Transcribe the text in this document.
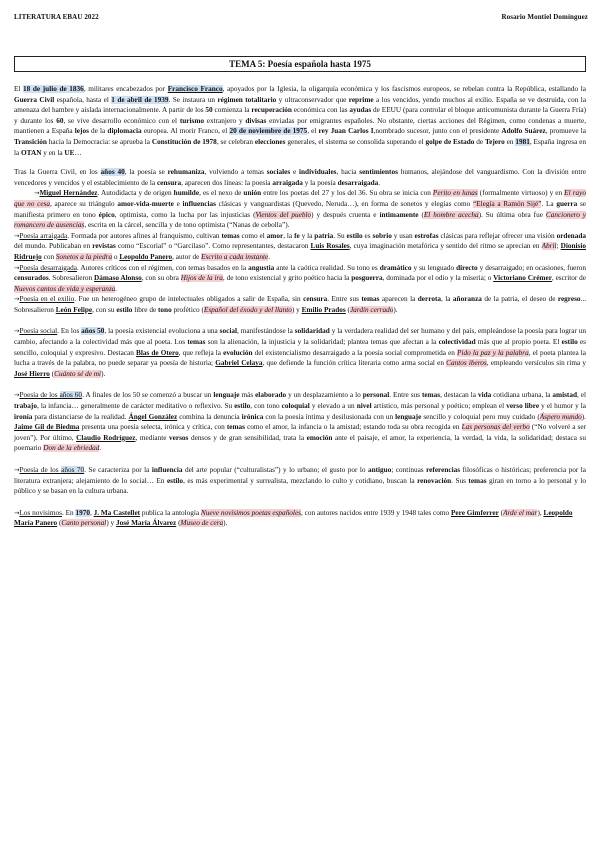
LITERATURA EBAU 2022	Rosario Montiel Domínguez
TEMA 5: Poesía española hasta 1975

El 18 de julio de 1836, militares encabezados por Francisco Franco, apoyados por la Iglesia, la oligarquía económica y los fascismos europeos, se rebelan contra la República, estallando la Guerra Civil española, hasta el 1 de abril de 1939. Se instaura un régimen totalitario y ultraconservador que reprime a los vencidos, yendo muchos al exilio. España se ve destruida, con la amenaza del hambre y aislada internacionalmente. A partir de los 50 comienza la recuperación económica con las ayudas de EEUU (para controlar el bloque anticomunista durante la Guerra Fría) y durante los 60, se vive desarrollo económico con el turismo extranjero y divisas enviadas por emigrantes españoles. No obstante, ciertas acciones del Régimen, como condenas a muerte, mantienen a España lejos de la diplomacia europea. Al morir Franco, el 20 de noviembre de 1975, el rey Juan Carlos I,nombrado sucesor, junto con el presidente Adolfo Suárez, promueve la Transición hacia la Democracia: se aprueba la Constitución de 1978, se celebran elecciones generales, el sistema se consolida superando el golpe de Estado de Tejero en 1981, España ingresa en la OTAN y en la UE…

Tras la Guerra Civil, en los años 40, la poesía se rehumaniza, volviendo a temas sociales e individuales, hacia sentimientos humanos, alejándose del vanguardismo. Con la división entre vencedores y vencidos y el establecimiento de la censura, aparecen dos líneas: la poesía arraigada y la poesía desarraigada.

→Miguel Hernández. Autodidacta y de origen humilde, es el nexo de unión entre los poetas del 27 y los del 36. Su obra se inicia con Perito en lunas (formalmente virtuoso) y en El rayo que no cesa, aparece su triángulo amor-vida-muerte e influencias clásicas y vanguardistas (Quevedo, Neruda…), en forma de sonetos y elegías como “Elegía a Ramón Sijé”. La guerra se manifiesta primero en tono épico, optimista, como la lucha por las injusticias (Vientos del pueblo) y después cruenta e íntimamente (El hombre acecha). Su última obra fue Cancionero y romancero de ausencias, escrita en la cárcel, sencilla y de tono optimista (“Nanas de cebolla”).

→Poesía arraigada. Formada por autores afines al franquismo, cultivan temas como el amor, la fe y la patria. Su estilo es sobrio y usan estrofas clásicas para reflejar ofrecer una visión ordenada del mundo. Publicaban en revistas como “Escorial” o “Garcilaso”. Como representantes, destacaron Luis Rosales, cuya imaginación metafórica y sentido del ritmo se aprecian en Abril; Dionisio Ridruejo con Sonetos a la piedra o Leopoldo Panero, autor de Escrito a cada instante.

→Poesía desarraigada. Autores críticos con el régimen, con temas basados en la angustia ante la caótica realidad. Su tono es dramático y su lenguado directo y desarraigado; en ocasiones, fueron censurados. Sobresalieron Dámaso Alonso, con su obra Hijos de la ira, de tono existencial y grito poético hacia la posguerra, dominada por el odio y la miseria; o Victoriano Crémer, escritor de Nuevos cantos de vida y esperanza.

→Poesía en el exilio. Fue un heterogéneo grupo de intelectuales obligados a salir de España, sin censura. Entre sus temas aparecen la derrota, la añoranza de la patria, el deseo de regreso... Sobresalieron León Felipe, con su estilo libre de tono profético (Español del éxodo y del llanto) y Emilio Prados (Jardín cerrado).

→Poesía social. En los años 50, la poesía existencial evoluciona a una social, manifestándose la solidaridad y la verdadera realidad del ser humano y del país, empleándose la poesía para lograr un cambio, afectando a la colectividad más que al poeta. Los temas son la alienación, la injusticia y la solidaridad; plantea temas que afectan a la colectividad más que al propio poeta. El estilo es sencillo, coloquial y expresivo. Destacan Blas de Otero, que refleja la evolución del existencialismo desarraigado a la poesía social comprometida en Pido la paz y la palabra, el poeta plantea la lucha a través de la palabra, no puede separar ya poesía de historia; Gabriel Celaya, que defiende la función crítica literaria como arma social en Cantos iberos, empleando versículos sin rima y José Hierro (Cuánto sé de mí).

→Poesía de los años 60. A finales de los 50 se comenzó a buscar un lenguaje más elaborado y un desplazamiento a lo personal. Entre sus temas, destacan la vida cotidiana urbana, la amistad, el trabajo, la infancia… generalmente de carácter meditativo o reflexivo. Su estilo, con tono coloquial y elevado a un nivel artístico, más personal y poético; emplean el verso libre y el humor y la ironía para distanciarse de la realidad. Ángel González combina la denuncia irónica con la poesía íntima y desilusionada con un lenguaje sencillo y coloquial pero muy cuidado (Áspero mundo). Jaime Gil de Biedma presenta una poesía selecta, irónica y crítica, con temas como el amor, la infancia o la amistad; estando toda su obra recogida en Las personas del verbo (“No volveré a ser joven”). Por último, Claudio Rodríguez, mediante versos densos y de gran sensibilidad, trata la emoción ante el paisaje, el amor, la experiencia, la verdad, la vida, la solidaridad; destaca su poemario Don de la ebriedad.

→Poesía de los años 70. Se caracteriza por la influencia del arte popular (“culturalistas”) y lo urbano; el gusto por lo antiguo; continuas referencias filosóficas o históricas; preferencia por la literatura extranjera; alejamiento de lo social… En estilo, es más experimental y surrealista, mezclando lo culto y cotidiano, buscan la renovación. Sus temas giran en torno a lo personal y lo público y se basan en la cultura urbana.

→Los novísimos. En 1970, J. Ma Castellet publica la antología Nueve novísimos poetas españoles, con autores nacidos entre 1939 y 1948 tales como Pere Gimferrer (Arde el mar), Leopoldo María Panero (Canto personal) y José María Álvarez (Museo de cera).
